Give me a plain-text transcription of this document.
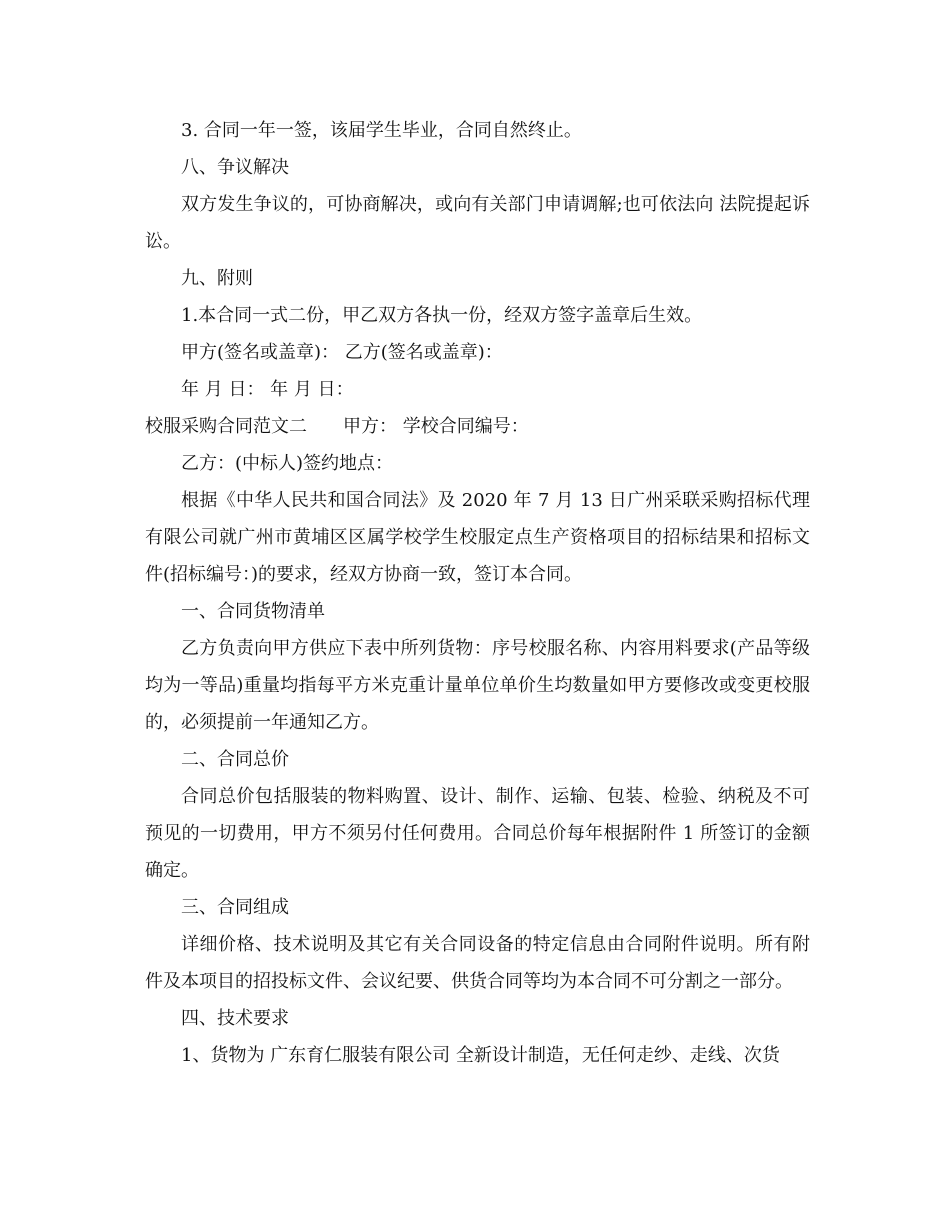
3. 合同一年一签，该届学生毕业，合同自然终止。

八、争议解决

双方发生争议的，可协商解决，或向有关部门申请调解;也可依法向 法院提起诉讼。

九、附则

1.本合同一式二份，甲乙双方各执一份，经双方签字盖章后生效。

甲方(签名或盖章)： 乙方(签名或盖章)：

年 月 日： 年 月 日：

校服采购合同范文二 甲方： 学校合同编号：

乙方：(中标人)签约地点：

根据《中华人民共和国合同法》及 2020 年 7 月 13 日广州采联采购招标代理有限公司就广州市黄埔区区属学校学生校服定点生产资格项目的招标结果和招标文件(招标编号：)的要求，经双方协商一致，签订本合同。

一、合同货物清单

乙方负责向甲方供应下表中所列货物：序号校服名称、内容用料要求(产品等级均为一等品)重量均指每平方米克重计量单位单价生均数量如甲方要修改或变更校服的，必须提前一年通知乙方。

二、合同总价

合同总价包括服装的物料购置、设计、制作、运输、包装、检验、纳税及不可预见的一切费用，甲方不须另付任何费用。合同总价每年根据附件 1 所签订的金额确定。

三、合同组成

详细价格、技术说明及其它有关合同设备的特定信息由合同附件说明。所有附件及本项目的招投标文件、会议纪要、供货合同等均为本合同不可分割之一部分。

四、技术要求

1、货物为 广东育仁服装有限公司 全新设计制造，无任何走纱、走线、次货
